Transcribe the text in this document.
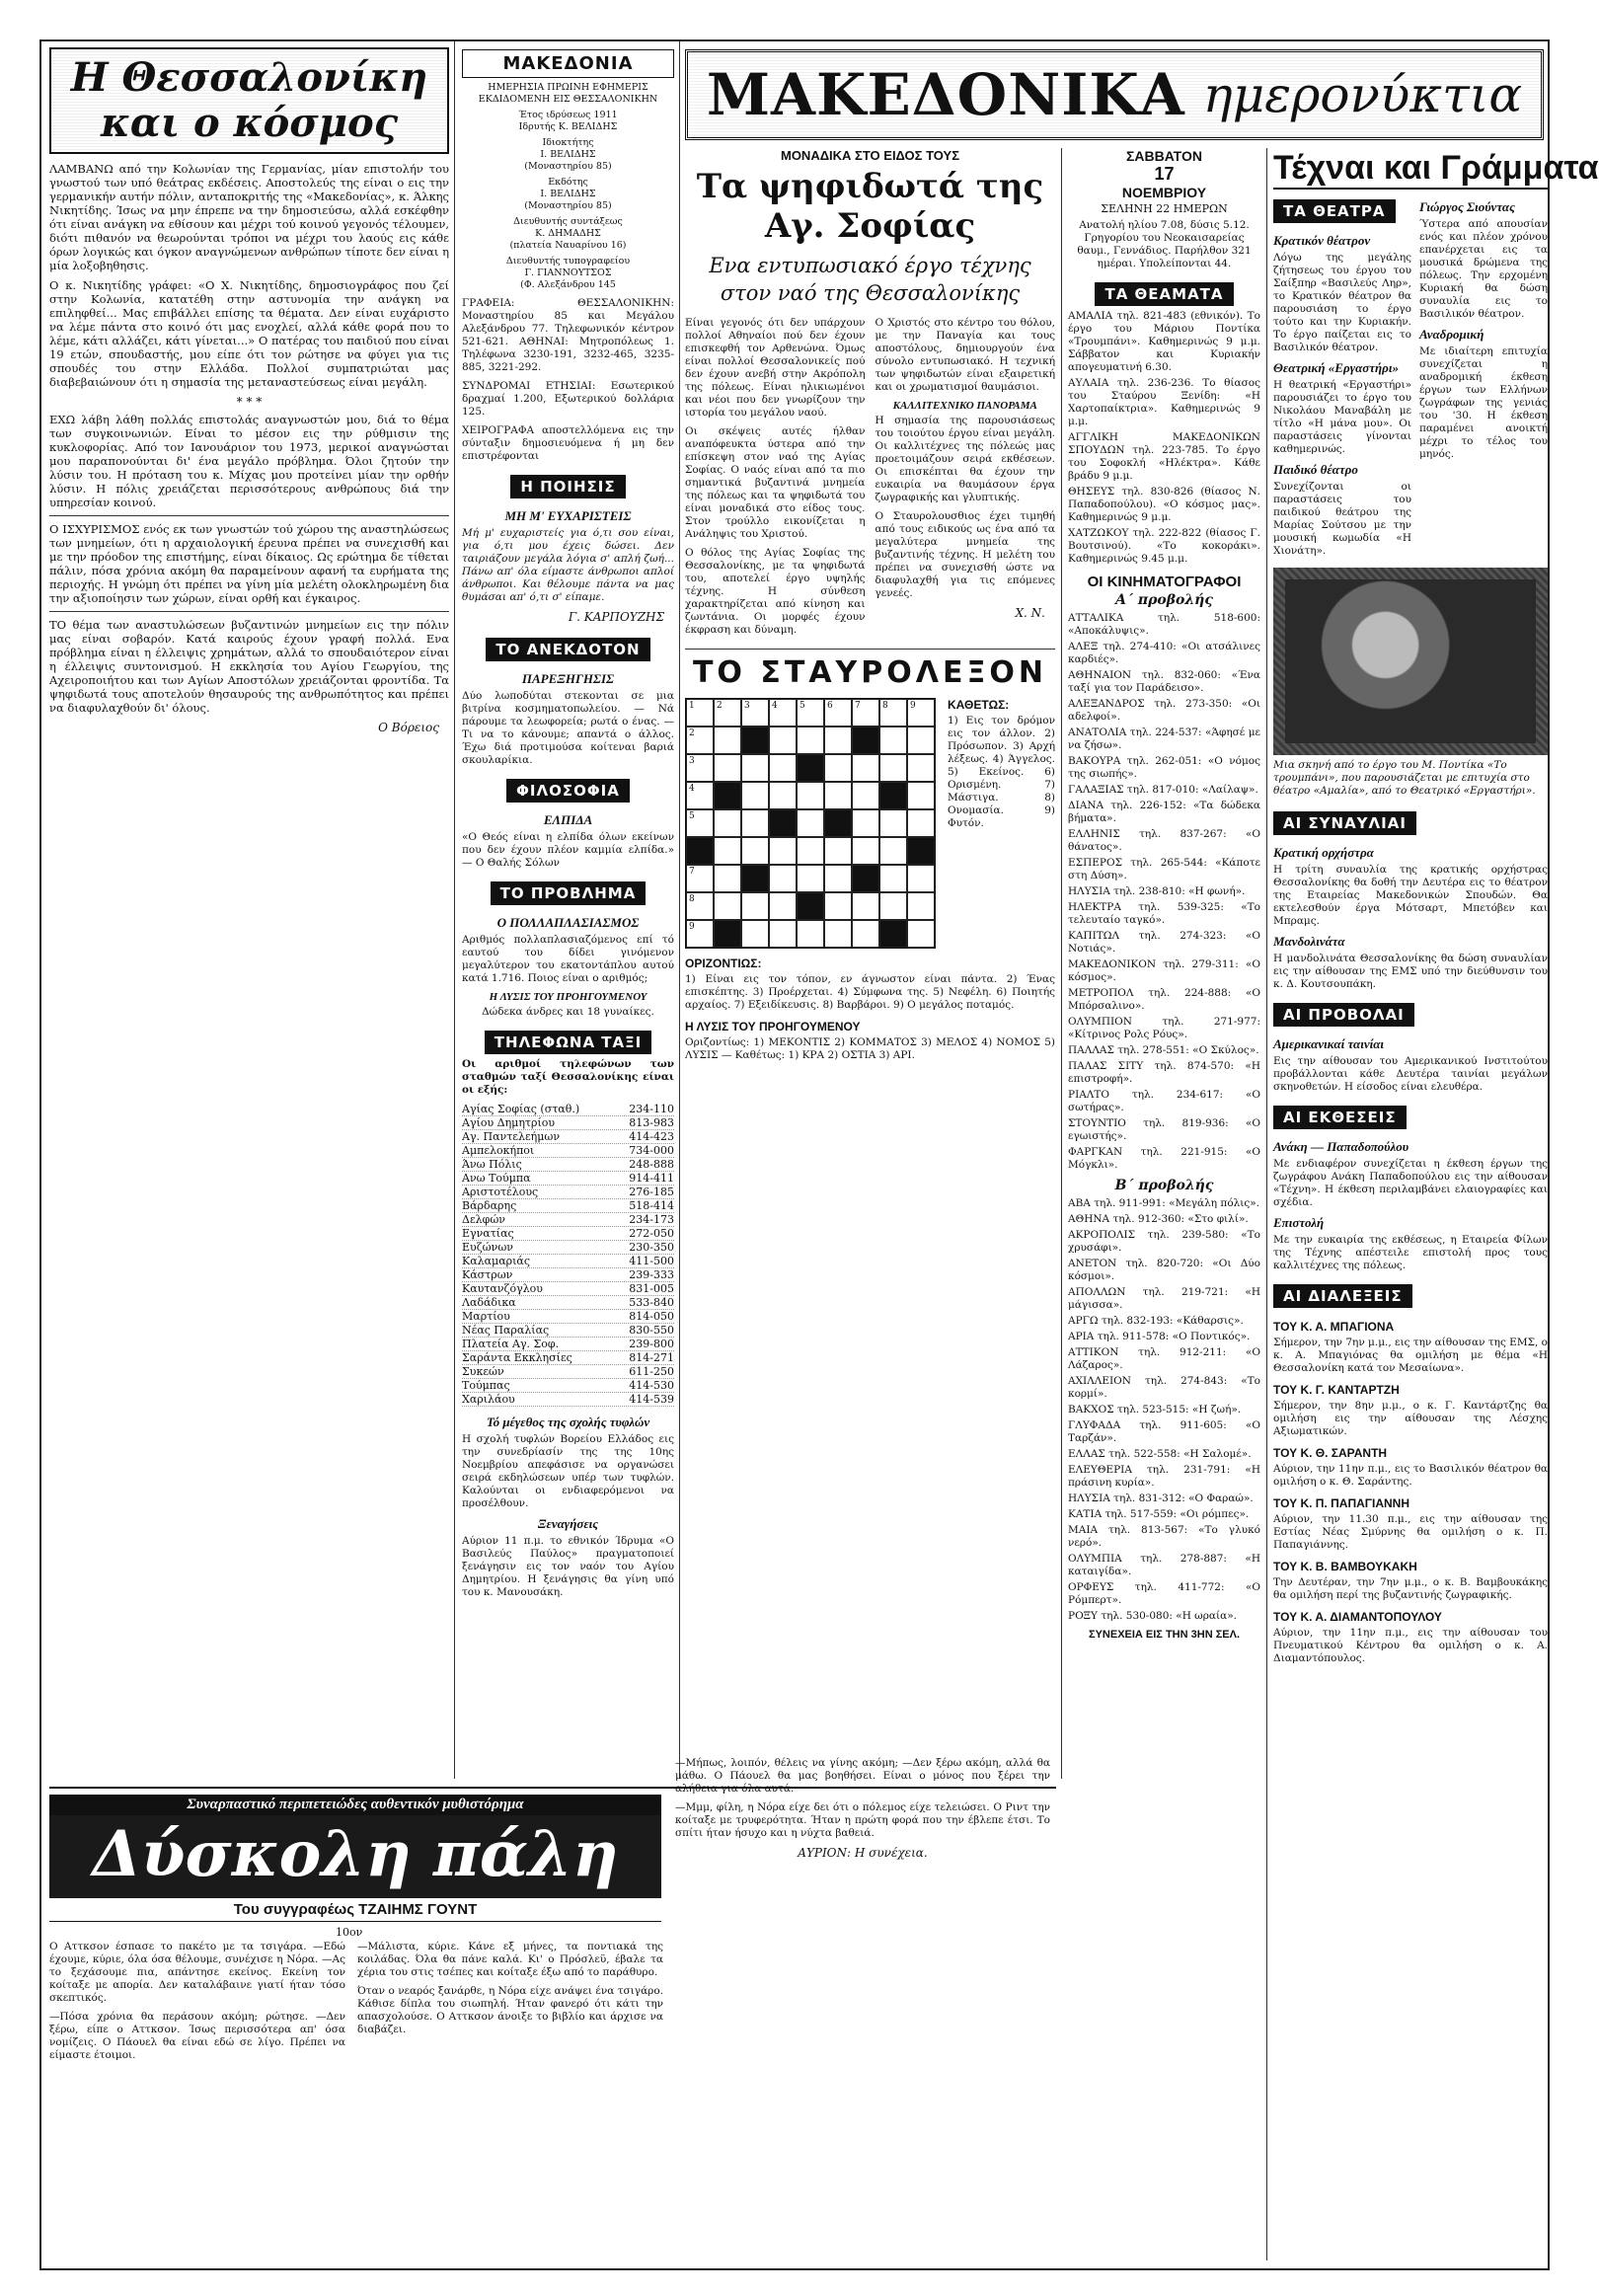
Η Θεσσαλονίκη και ο κόσμος

ΛΑΜΒΑΝΩ από την Κολωνίαν της Γερμανίας, μίαν επιστολήν του γνωστού των υπό θεάτρας εκδέσεις. Αποστολεύς της είναι ο εις την γερμανικήν αυτήν πόλιν, ανταποκριτής της «Μακεδονίας», κ. Άλκης Νικητίδης. Ίσως να μην έπρεπε να την δημοσιεύσω, αλλά εσκέφθην ότι είναι ανάγκη να εθίσουν και μέχρι τού κοινού γεγονός τέλουμεν, διότι πιθανόν να θεωρούνται τρόποι να μέχρι του λαούς εις κάθε όρων λογικώς και όγκον αναγνώμενων ανθρώπων τίποτε δεν είναι η μία λοξοβηθησις.

Ο κ. Νικητίδης γράφει: «Ο Χ. Νικητίδης, δημοσιογράφος που ζεί στην Κολωνία, κατατέθη στην αστυνομία την ανάγκη να επιληφθεί... Μας επιβάλλει επίσης τα θέματα. Δεν είναι ευχάριστο να λέμε πάντα στο κοινό ότι μας ενοχλεί, αλλά κάθε φορά που το λέμε, κάτι αλλάζει, κάτι γίνεται...» Ο πατέρας του παιδιού που είναι 19 ετών, σπουδαστής, μου είπε ότι τον ρώτησε να φύγει για τις σπουδές του στην Ελλάδα. Πολλοί συμπατριώται μας διαβεβαιώνουν ότι η σημασία της μεταναστεύσεως είναι μεγάλη.

* * *

ΕΧΩ λάβη λάθη πολλάς επιστολάς αναγνωστών μου, διά το θέμα των συγκοινωνιών. Είναι το μέσον εις την ρύθμισιν της κυκλοφορίας. Από τον Ιανουάριον του 1973, μερικοί αναγνώσται μου παραπονούνται δι' ένα μεγάλο πρόβλημα. Όλοι ζητούν την λύσιν του. Η πρόταση του κ. Μίχας μου προτείνει μίαν την ορθήν λύσιν. Η πόλις χρειάζεται περισσότερους ανθρώπους διά την υπηρεσίαν κοινού.

Ο ΙΣΧΥΡΙΣΜΟΣ ενός εκ των γνωστών τού χώρου της αναστηλώσεως των μνημείων, ότι η αρχαιολογική έρευνα πρέπει να συνεχισθή και με την πρόοδον της επιστήμης, είναι δίκαιος. Ως ερώτημα δε τίθεται πάλιν, πόσα χρόνια ακόμη θα παραμείνουν αφανή τα ευρήματα της περιοχής. Η γνώμη ότι πρέπει να γίνη μία μελέτη ολοκληρωμένη δια την αξιοποίησιν των χώρων, είναι ορθή και έγκαιρος.

ΤΟ θέμα των αναστυλώσεων βυζαντινών μνημείων εις την πόλιν μας είναι σοβαρόν. Κατά καιρούς έχουν γραφή πολλά. Ενα πρόβλημα είναι η έλλειψις χρημάτων, αλλά το σπουδαιότερον είναι η έλλειψις συντονισμού. Η εκκλησία του Αγίου Γεωργίου, της Αχειροποιήτου και των Αγίων Αποστόλων χρειάζονται φροντίδα. Τα ψηφιδωτά τους αποτελούν θησαυρούς της ανθρωπότητος και πρέπει να διαφυλαχθούν δι' όλους.

Ο Βόρειος
ΜΑΚΕΔΟΝΙΑ
ΗΜΕΡΗΣΙΑ ΠΡΩΙΝΗ ΕΦΗΜΕΡΙΣ
ΕΚΔΙΔΟΜΕΝΗ ΕΙΣ ΘΕΣΣΑΛΟΝΙΚΗΝ
Έτος ιδρύσεως 1911
Ιδρυτής Κ. ΒΕΛΙΔΗΣ
Ιδιοκτήτης
Ι. ΒΕΛΙΔΗΣ
(Μοναστηρίου 85)
Εκδότης
Ι. ΒΕΛΙΔΗΣ
(Μοναστηρίου 85)
Διευθυντής συντάξεως
Κ. ΔΗΜΑΔΗΣ
(πλατεία Ναυαρίνου 16)
Διευθυντής τυπογραφείου
Γ. ΓΙΑΝΝΟΥΤΣΟΣ
(Φ. Αλεξάνδρου 145

ΓΡΑΦΕΙΑ: ΘΕΣΣΑΛΟΝΙΚΗΝ: Μοναστηρίου 85 και Μεγάλου Αλεξάνδρου 77. Τηλεφωνικόν κέντρον 521-621. ΑΘΗΝΑΙ: Μητροπόλεως 1. Τηλέφωνα 3230-191, 3232-465, 3235-885, 3221-292.

ΣΥΝΔΡΟΜΑΙ ΕΤΗΣΙΑΙ: Εσωτερικού δραχμαί 1.200, Εξωτερικού δολλάρια 125.

ΧΕΙΡΟΓΡΑΦΑ αποστελλόμενα εις την σύνταξιν δημοσιευόμενα ή μη δεν επιστρέφονται

Η ΠΟΙΗΣΙΣ
ΜΗ Μ' ΕΥΧΑΡΙΣΤΕΙΣ

Μή μ' ευχαριστείς για ό,τι σου είναι, για ό,τι μου έχεις δώσει. Δεν ταιριάζουν μεγάλα λόγια σ' απλή ζωή... Πάνω απ' όλα είμαστε άνθρωποι απλοί άνθρωποι. Και θέλουμε πάντα να μας θυμάσαι απ' ό,τι σ' είπαμε.

Γ. ΚΑΡΠΟΥΖΗΣ
ΤΟ ΑΝΕΚΔΟΤΟΝ
ΠΑΡΕΞΗΓΗΣΙΣ

Δύο λωποδύται στεκονται σε μια βιτρίνα κοσμηματοπωλείου. — Νά πάρουμε τα λεωφορεία; ρωτά ο ένας. — Τι να το κάνουμε; απαντά ο άλλος. Έχω διά προτιμούσα κοίτεναι βαριά σκουλαρίκια.

ΦΙΛΟΣΟΦΙΑ
ΕΛΠΙΔΑ

«Ο Θεός είναι η ελπίδα όλων εκείνων που δεν έχουν πλέον καμμία ελπίδα.» — Ο Θαλής Σόλων

ΤΟ ΠΡΟΒΛΗΜΑ
Ο ΠΟΛΛΑΠΛΑΣΙΑΣΜΟΣ

Αριθμός πολλαπλασιαζόμενος επί τό εαυτού του δίδει γινόμενον μεγαλύτερον του εκατοντάπλου αυτού κατά 1.716. Ποιος είναι ο αριθμός;

Η ΛΥΣΙΣ ΤΟΥ ΠΡΟΗΓΟΥΜΕΝΟΥ

Δώδεκα άνδρες και 18 γυναίκες.

ΤΗΛΕΦΩΝΑ ΤΑΞΙ

Οι αριθμοί τηλεφώνων των σταθμών ταξί Θεσσαλονίκης είναι οι εξής:

Αγίας Σοφίας (σταθ.)	234-110
Αγίου Δημητρίου	813-983
Αγ. Παντελεήμων	414-423
Αμπελοκήποι	734-000
Άνω Πόλις	248-888
Ανω Τούμπα	914-411
Αριστοτέλους	276-185
Βάρδαρης	518-414
Δελφών	234-173
Εγνατίας	272-050
Ευζώνων	230-350
Καλαμαριάς	411-500
Κάστρων	239-333
Καυτανζόγλου	831-005
Λαδάδικα	533-840
Μαρτίου	814-050
Νέας Παραλίας	830-550
Πλατεία Αγ. Σοφ.	239-800
Σαράντα Εκκλησίες	814-271
Συκεών	611-250
Τούμπας	414-530
Χαριλάου	414-539
Τό μέγεθος της σχολής τυφλών

Η σχολή τυφλών Βορείου Ελλάδος εις την συνεδρίασίν της της 10ης Νοεμβρίου απεφάσισε να οργανώσει σειρά εκδηλώσεων υπέρ των τυφλών. Καλούνται οι ενδιαφερόμενοι να προσέλθουν.

Ξεναγήσεις

Αύριον 11 π.μ. το εθνικόν Ίδρυμα «Ο Βασιλεύς Παύλος» πραγματοποιεί ξενάγησιν εις τον ναόν του Αγίου Δημητρίου. Η ξενάγησις θα γίνη υπό του κ. Μανουσάκη.

ΜΑΚΕΔΟΝΙΚΑ ημερονύκτια
ΜΟΝΑΔΙΚΑ ΣΤΟ ΕΙΔΟΣ ΤΟΥΣ
Τα ψηφιδωτά της Αγ. Σοφίας
Ενα εντυπωσιακό έργο τέχνης στον ναό της Θεσσαλονίκης

Είναι γεγονός ότι δεν υπάρχουν πολλοί Αθηναίοι πού δεν έχουν επισκεφθή τον Αρθενώνα. Όμως είναι πολλοί Θεσσαλονικείς πού δεν έχουν ανεβή στην Ακρόπολη της πόλεως. Είναι ηλικιωμένοι και νέοι που δεν γνωρίζουν την ιστορία του μεγάλου ναού.

Οι σκέψεις αυτές ήλθαν αναπόφευκτα ύστερα από την επίσκεψη στον ναό της Αγίας Σοφίας. Ο ναός είναι από τα πιο σημαντικά βυζαντινά μνημεία της πόλεως και τα ψηφιδωτά του είναι μοναδικά στο είδος τους. Στον τρούλλο εικονίζεται η Ανάληψις του Χριστού.

Ο θόλος της Αγίας Σοφίας της Θεσσαλονίκης, με τα ψηφιδωτά του, αποτελεί έργο υψηλής τέχνης. Η σύνθεση χαρακτηρίζεται από κίνηση και ζωντάνια. Οι μορφές έχουν έκφραση και δύναμη.

Ο Χριστός στο κέντρο του θόλου, με την Παναγία και τους αποστόλους, δημιουργούν ένα σύνολο εντυπωσιακό. Η τεχνική των ψηφιδωτών είναι εξαιρετική και οι χρωματισμοί θαυμάσιοι.

ΚΑΛΛΙΤΕΧΝΙΚΟ ΠΑΝΟΡΑΜΑ

Η σημασία της παρουσιάσεως του τοιούτου έργου είναι μεγάλη. Οι καλλιτέχνες της πόλεώς μας προετοιμάζουν σειρά εκθέσεων. Οι επισκέπται θα έχουν την ευκαιρία να θαυμάσουν έργα ζωγραφικής και γλυπτικής.

Ο Σταυρολουσθιος έχει τιμηθή από τους ειδικούς ως ένα από τα μεγαλύτερα μνημεία της βυζαντινής τέχνης. Η μελέτη του πρέπει να συνεχισθή ώστε να διαφυλαχθή για τις επόμενες γενεές.

Χ. Ν.
ΤΟ ΣΤΑΥΡΟΛΕΞΟΝ
1 2 3 4 5 6 7 8 9
2
3
4
5
7
8
9
ΚΑΘΕΤΩΣ:

1) Εις τον δρόμον εις τον άλλον. 2) Πρόσωπον. 3) Αρχή λέξεως. 4) Άγγελος. 5) Εκείνος. 6) Ορισμένη. 7) Μάστιγα. 8) Ονομασία. 9) Φυτόν.

ΟΡΙΖΟΝΤΙΩΣ:

1) Είναι εις τον τόπον, εν άγνωστον είναι πάντα. 2) Ένας επισκέπτης. 3) Προέρχεται. 4) Σύμφωνα της. 5) Νεφέλη. 6) Ποιητής αρχαίος. 7) Εξειδίκευσις. 8) Βαρβάροι. 9) Ο μεγάλος ποταμός.

Η ΛΥΣΙΣ ΤΟΥ ΠΡΟΗΓΟΥΜΕΝΟΥ

Οριζοντίως: 1) ΜΕΚΟΝΤΙΣ 2) ΚΟΜΜΑΤΟΣ 3) ΜΕΛΟΣ 4) ΝΟΜΟΣ 5) ΛΥΣΙΣ — Καθέτως: 1) ΚΡΑ 2) ΟΣΤΙΑ 3) ΑΡΙ.

ΣΑΒΒΑΤΟΝ
17
ΝΟΕΜΒΡΙΟΥ
ΣΕΛΗΝΗ 22 ΗΜΕΡΩΝ

Ανατολή ηλίου 7.08, δύσις 5.12. Γρηγορίου του Νεοκαισαρείας θαυμ., Γεννάδιος. Παρήλθον 321 ημέραι. Υπολείπονται 44.

ΤΑ ΘΕΑΜΑΤΑ

ΑΜΑΛΙΑ τηλ. 821-483 (εθνικόν). Το έργο του Μάριου Ποντίκα «Τρουμπάνι». Καθημερινώς 9 μ.μ. Σάββατον και Κυριακήν απογευματινή 6.30.

ΑΥΛΑΙΑ τηλ. 236-236. Το θίασος του Σταύρου Ξενίδη: «Η Χαρτοπαίκτρια». Καθημερινώς 9 μ.μ.

ΑΓΓΛΙΚΗ ΜΑΚΕΔΟΝΙΚΩΝ ΣΠΟΥΔΩΝ τηλ. 223-785. Το έργο του Σοφοκλή «Ηλέκτρα». Κάθε βράδυ 9 μ.μ.

ΘΗΣΕΥΣ τηλ. 830-826 (θίασος Ν. Παπαδοπούλου). «Ο κόσμος μας». Καθημερινώς 9 μ.μ.

ΧΑΤΖΩΚΟΥ τηλ. 222-822 (θίασος Γ. Βουτσινού). «Το κοκοράκι». Καθημερινώς 9.45 μ.μ.

ΟΙ ΚΙΝΗΜΑΤΟΓΡΑΦΟΙ
Α΄ προβολής

ΑΤΤΑΛΙΚΑ τηλ. 518-600: «Αποκάλυψις».

ΑΛΕΞ τηλ. 274-410: «Οι ατσάλινες καρδιές».

ΑΘΗΝΑΙΟΝ τηλ. 832-060: «Ένα ταξί για τον Παράδεισο».

ΑΛΕΞΑΝΔΡΟΣ τηλ. 273-350: «Οι αδελφοί».

ΑΝΑΤΟΛΙΑ τηλ. 224-537: «Άφησέ με να ζήσω».

ΒΑΚΟΥΡΑ τηλ. 262-051: «Ο νόμος της σιωπής».

ΓΑΛΑΞΙΑΣ τηλ. 817-010: «Λαίλαψ».

ΔΙΑΝΑ τηλ. 226-152: «Τα δώδεκα βήματα».

ΕΛΛΗΝΙΣ τηλ. 837-267: «Ο θάνατος».

ΕΣΠΕΡΟΣ τηλ. 265-544: «Κάποτε στη Δύση».

ΗΛΥΣΙΑ τηλ. 238-810: «Η φωνή».

ΗΛΕΚΤΡΑ τηλ. 539-325: «Το τελευταίο ταγκό».

ΚΑΠΙΤΩΛ τηλ. 274-323: «Ο Νοτιάς».

ΜΑΚΕΔΟΝΙΚΟΝ τηλ. 279-311: «Ο κόσμος».

ΜΕΤΡΟΠΟΛ τηλ. 224-888: «Ο Μπόρσαλινο».

ΟΛΥΜΠΙΟΝ τηλ. 271-977: «Κίτρινος Ρολς Ρόυς».

ΠΑΛΛΑΣ τηλ. 278-551: «Ο Σκύλος».

ΠΑΛΑΣ ΣΙΤΥ τηλ. 874-570: «Η επιστροφή».

ΡΙΑΛΤΟ τηλ. 234-617: «Ο σωτήρας».

ΣΤΟΥΝΤΙΟ τηλ. 819-936: «Ο εγωιστής».

ΦΑΡΓΚΑΝ τηλ. 221-915: «Ο Μόγκλι».

Β΄ προβολής

ΑΒΑ τηλ. 911-991: «Μεγάλη πόλις».

ΑΘΗΝΑ τηλ. 912-360: «Στο φιλί».

ΑΚΡΟΠΟΛΙΣ τηλ. 239-580: «Το χρυσάφι».

ΑΝΕΤΟΝ τηλ. 820-720: «Οι Δύο κόσμοι».

ΑΠΟΛΛΩΝ τηλ. 219-721: «Η μάγισσα».

ΑΡΓΩ τηλ. 832-193: «Κάθαρσις».

ΑΡΙΑ τηλ. 911-578: «Ο Ποντικός».

ΑΤΤΙΚΟΝ τηλ. 912-211: «Ο Λάζαρος».

ΑΧΙΛΛΕΙΟΝ τηλ. 274-843: «Το κορμί».

ΒΑΚΧΟΣ τηλ. 523-515: «Η ζωή».

ΓΛΥΦΑΔΑ τηλ. 911-605: «Ο Ταρζάν».

ΕΛΛΑΣ τηλ. 522-558: «Η Σαλομέ».

ΕΛΕΥΘΕΡΙΑ τηλ. 231-791: «Η πράσινη κυρία».

ΗΛΥΣΙΑ τηλ. 831-312: «Ο Φαραώ».

ΚΑΤΙΑ τηλ. 517-559: «Οι ρόμπες».

ΜΑΙΑ τηλ. 813-567: «Το γλυκό νερό».

ΟΛΥΜΠΙΑ τηλ. 278-887: «Η καταιγίδα».

ΟΡΦΕΥΣ τηλ. 411-772: «Ο Ρόμπερτ».

ΡΟΞΥ τηλ. 530-080: «Η ωραία».

ΣΥΝΕΧΕΙΑ ΕΙΣ ΤΗΝ 3ΗΝ ΣΕΛ.
Τέχναι και Γράμματα
ΤΑ ΘΕΑΤΡΑ
Κρατικόν θέατρον

Λόγω της μεγάλης ζήτησεως του έργου του Σαίξπηρ «Βασιλεύς Ληρ», το Κρατικόν θέατρον θα παρουσιάση το έργο τούτο και την Κυριακήν. Το έργο παίζεται εις το Βασιλικόν θέατρον.

Θεατρική «Εργαστήρι»

Η θεατρική «Εργαστήρι» παρουσιάζει το έργο του Νικολάου Μαναβάλη με τίτλο «Η μάνα μου». Οι παραστάσεις γίνονται καθημερινώς.

Παιδικό θέατρο

Συνεχίζονται οι παραστάσεις του παιδικού θεάτρου της Μαρίας Σούτσου με την μουσική κωμωδία «Η Χιονάτη».

Γιώργος Σιούντας

Ύστερα από απουσίαν ενός και πλέον χρόνου επανέρχεται εις τα μουσικά δρώμενα της πόλεως. Την ερχομένη Κυριακή θα δώση συναυλία εις το Βασιλικόν θέατρον.

Αναδρομική

Με ιδιαίτερη επιτυχία συνεχίζεται η αναδρομική έκθεση έργων των Ελλήνων ζωγράφων της γενιάς του '30. Η έκθεση παραμένει ανοικτή μέχρι το τέλος του μηνός.

Μια σκηνή από το έργο του Μ. Ποντίκα «Το τρουμπάνι», που παρουσιάζεται με επιτυχία στο θέατρο «Αμαλία», από το Θεατρικό «Εργαστήρι».

ΑΙ ΣΥΝΑΥΛΙΑΙ
Κρατική ορχήστρα

Η τρίτη συναυλία της κρατικής ορχήστρας Θεσσαλονίκης θα δοθή την Δευτέρα εις το θέατρον της Εταιρείας Μακεδονικών Σπουδών. Θα εκτελεσθούν έργα Μότσαρτ, Μπετόβεν και Μπραμς.

Μανδολινάτα

Η μανδολινάτα Θεσσαλονίκης θα δώση συναυλίαν εις την αίθουσαν της ΕΜΣ υπό την διεύθυνσιν του κ. Δ. Κουτσουπάκη.

ΑΙ ΠΡΟΒΟΛΑΙ
Αμερικανικαί ταινίαι

Εις την αίθουσαν του Αμερικανικού Ινστιτούτου προβάλλονται κάθε Δευτέρα ταινίαι μεγάλων σκηνοθετών. Η είσοδος είναι ελευθέρα.

ΑΙ ΕΚΘΕΣΕΙΣ
Ανάκη — Παπαδοπούλου

Με ενδιαφέρον συνεχίζεται η έκθεση έργων της ζωγράφου Ανάκη Παπαδοπούλου εις την αίθουσαν «Τέχνη». Η έκθεση περιλαμβάνει ελαιογραφίες και σχέδια.

Επιστολή

Με την ευκαιρία της εκθέσεως, η Εταιρεία Φίλων της Τέχνης απέστειλε επιστολή προς τους καλλιτέχνες της πόλεως.

ΑΙ ΔΙΑΛΕΞΕΙΣ
ΤΟΥ Κ. Α. ΜΠΑΓΙΟΝΑ

Σήμερον, την 7ην μ.μ., εις την αίθουσαν της ΕΜΣ, ο κ. Α. Μπαγιόνας θα ομιλήση με θέμα «Η Θεσσαλονίκη κατά τον Μεσαίωνα».

ΤΟΥ Κ. Γ. ΚΑΝΤΑΡΤΖΗ

Σήμερον, την 8ην μ.μ., ο κ. Γ. Καντάρτζης θα ομιλήση εις την αίθουσαν της Λέσχης Αξιωματικών.

ΤΟΥ Κ. Θ. ΣΑΡΑΝΤΗ

Αύριον, την 11ην π.μ., εις το Βασιλικόν θέατρον θα ομιλήση ο κ. Θ. Σαράντης.

ΤΟΥ Κ. Π. ΠΑΠΑΓΙΑΝΝΗ

Αύριον, την 11.30 π.μ., εις την αίθουσαν της Εστίας Νέας Σμύρνης θα ομιλήση ο κ. Π. Παπαγιάννης.

ΤΟΥ Κ. Β. ΒΑΜΒΟΥΚΑΚΗ

Την Δευτέραν, την 7ην μ.μ., ο κ. Β. Βαμβουκάκης θα ομιλήση περί της βυζαντινής ζωγραφικής.

ΤΟΥ Κ. Α. ΔΙΑΜΑΝΤΟΠΟΥΛΟΥ

Αύριον, την 11ην π.μ., εις την αίθουσαν του Πνευματικού Κέντρου θα ομιλήση ο κ. Α. Διαμαντόπουλος.

Συναρπαστικό περιπετειώδες αυθεντικόν μυθιστόρημα
Δύσκολη πάλη
Του συγγραφέως ΤΖΑΙΗΜΣ ΓΟΥΝΤ
10ον

Ο Αττκσον έσπασε το πακέτο με τα τσιγάρα. —Εδώ έχουμε, κύριε, όλα όσα θέλουμε, συνέχισε η Νόρα. —Ας το ξεχάσουμε πια, απάντησε εκείνος. Εκείνη τον κοίταξε με απορία. Δεν καταλάβαινε γιατί ήταν τόσο σκεπτικός.

—Πόσα χρόνια θα περάσουν ακόμη; ρώτησε. —Δεν ξέρω, είπε ο Αττκσον. Ίσως περισσότερα απ' όσα νομίζεις. Ο Πάουελ θα είναι εδώ σε λίγο. Πρέπει να είμαστε έτοιμοι.

—Μάλιστα, κύριε. Κάνε εξ μήνες, τα ποντιακά της κοιλάδας. Όλα θα πάνε καλά. Κι' ο Πρόσλεϋ, έβαλε τα χέρια του στις τσέπες και κοίταξε έξω από το παράθυρο.

Όταν ο νεαρός ξανάρθε, η Νόρα είχε ανάψει ένα τσιγάρο. Κάθισε δίπλα του σιωπηλή. Ήταν φανερό ότι κάτι την απασχολούσε. Ο Αττκσον άνοιξε το βιβλίο και άρχισε να διαβάζει.

—Μήπως, λοιπόν, θέλεις να γίνης ακόμη; —Δεν ξέρω ακόμη, αλλά θα μάθω. Ο Πάουελ θα μας βοηθήσει. Είναι ο μόνος που ξέρει την αλήθεια για όλα αυτά.

—Μμμ, φίλη, η Νόρα είχε δει ότι ο πόλεμος είχε τελειώσει. Ο Ριντ την κοίταξε με τρυφερότητα. Ήταν η πρώτη φορά που την έβλεπε έτσι. Το σπίτι ήταν ήσυχο και η νύχτα βαθειά.

ΑΥΡΙΟΝ: Η συνέχεια.
